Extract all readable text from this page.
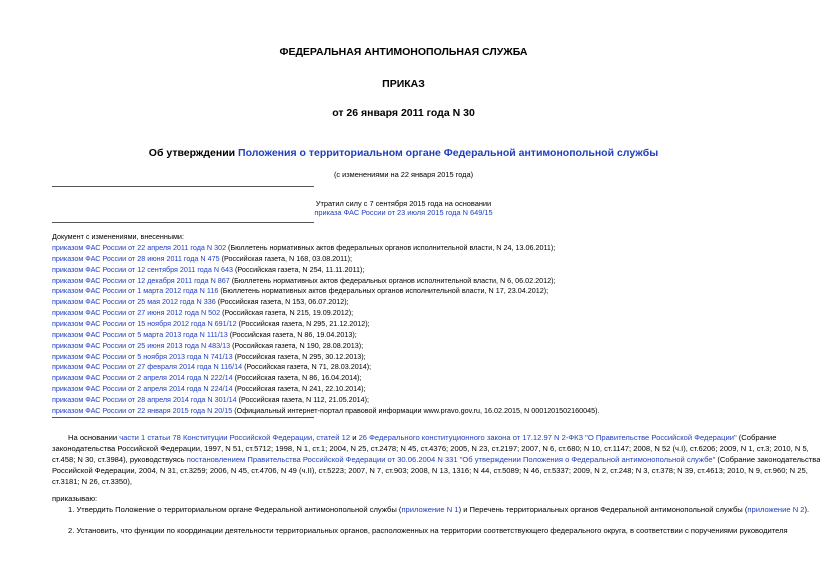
ФЕДЕРАЛЬНАЯ АНТИМОНОПОЛЬНАЯ СЛУЖБА
ПРИКАЗ
от 26 января 2011 года N 30
Об утверждении Положения о территориальном органе Федеральной антимонопольной службы
(с изменениями на 22 января 2015 года)
Утратил силу с 7 сентября 2015 года на основании
приказа ФАС России от 23 июля 2015 года N 649/15
Документ с изменениями, внесенными:
приказом ФАС России от 22 апреля 2011 года N 302 (Бюллетень нормативных актов федеральных органов исполнительной власти, N 24, 13.06.2011);
приказом ФАС России от 28 июня 2011 года N 475 (Российская газета, N 168, 03.08.2011);
приказом ФАС России от 12 сентября 2011 года N 643 (Российская газета, N 254, 11.11.2011);
приказом ФАС России от 12 декабря 2011 года N 867 (Бюллетень нормативных актов федеральных органов исполнительной власти, N 6, 06.02.2012);
приказом ФАС России от 1 марта 2012 года N 116 (Бюллетень нормативных актов федеральных органов исполнительной власти, N 17, 23.04.2012);
приказом ФАС России от 25 мая 2012 года N 336 (Российская газета, N 153, 06.07.2012);
приказом ФАС России от 27 июня 2012 года N 502 (Российская газета, N 215, 19.09.2012);
приказом ФАС России от 15 ноября 2012 года N 691/12 (Российская газета, N 295, 21.12.2012);
приказом ФАС России от 5 марта 2013 года N 111/13 (Российская газета, N 86, 19.04.2013);
приказом ФАС России от 25 июня 2013 года N 483/13 (Российская газета, N 190, 28.08.2013);
приказом ФАС России от 5 ноября 2013 года N 741/13 (Российская газета, N 295, 30.12.2013);
приказом ФАС России от 27 февраля 2014 года N 116/14 (Российская газета, N 71, 28.03.2014);
приказом ФАС России от 2 апреля 2014 года N 222/14 (Российская газета, N 86, 16.04.2014);
приказом ФАС России от 2 апреля 2014 года N 224/14 (Российская газета, N 241, 22.10.2014);
приказом ФАС России от 28 апреля 2014 года N 301/14 (Российская газета, N 112, 21.05.2014);
приказом ФАС России от 22 января 2015 года N 20/15 (Официальный интернет-портал правовой информации www.pravo.gov.ru, 16.02.2015, N 0001201502160045).
На основании части 1 статьи 78 Конституции Российской Федерации, статей 12 и 26 Федерального конституционного закона от 17.12.97 N 2-ФКЗ "О Правительстве Российской Федерации" (Собрание
законодательства Российской Федерации, 1997, N 51, ст.5712; 1998, N 1, ст.1; 2004, N 25, ст.2478; N 45, ст.4376; 2005, N 23, ст.2197; 2007, N 6, ст.680; N 10, ст.1147; 2008, N 52 (ч.I), ст.6206; 2009, N 1, ст.3; 2010, N 5,
ст.458; N 30, ст.3984), руководствуясь постановлением Правительства Российской Федерации от 30.06.2004 N 331 "Об утверждении Положения о Федеральной антимонопольной службе" (Собрание законодательства
Российской Федерации, 2004, N 31, ст.3259; 2006, N 45, ст.4706, N 49 (ч.II), ст.5223; 2007, N 7, ст.903; 2008, N 13, 1316; N 44, ст.5089; N 46, ст.5337; 2009, N 2, ст.248; N 3, ст.378; N 39, ст.4613; 2010, N 9, ст.960; N 25,
ст.3181; N 26, ст.3350),
приказываю:
1. Утвердить Положение о территориальном органе Федеральной антимонопольной службы (приложение N 1) и Перечень территориальных органов Федеральной антимонопольной службы (приложение N 2).
2. Установить, что функции по координации деятельности территориальных органов, расположенных на территории соответствующего федерального округа, в соответствии с поручениями руководителя
